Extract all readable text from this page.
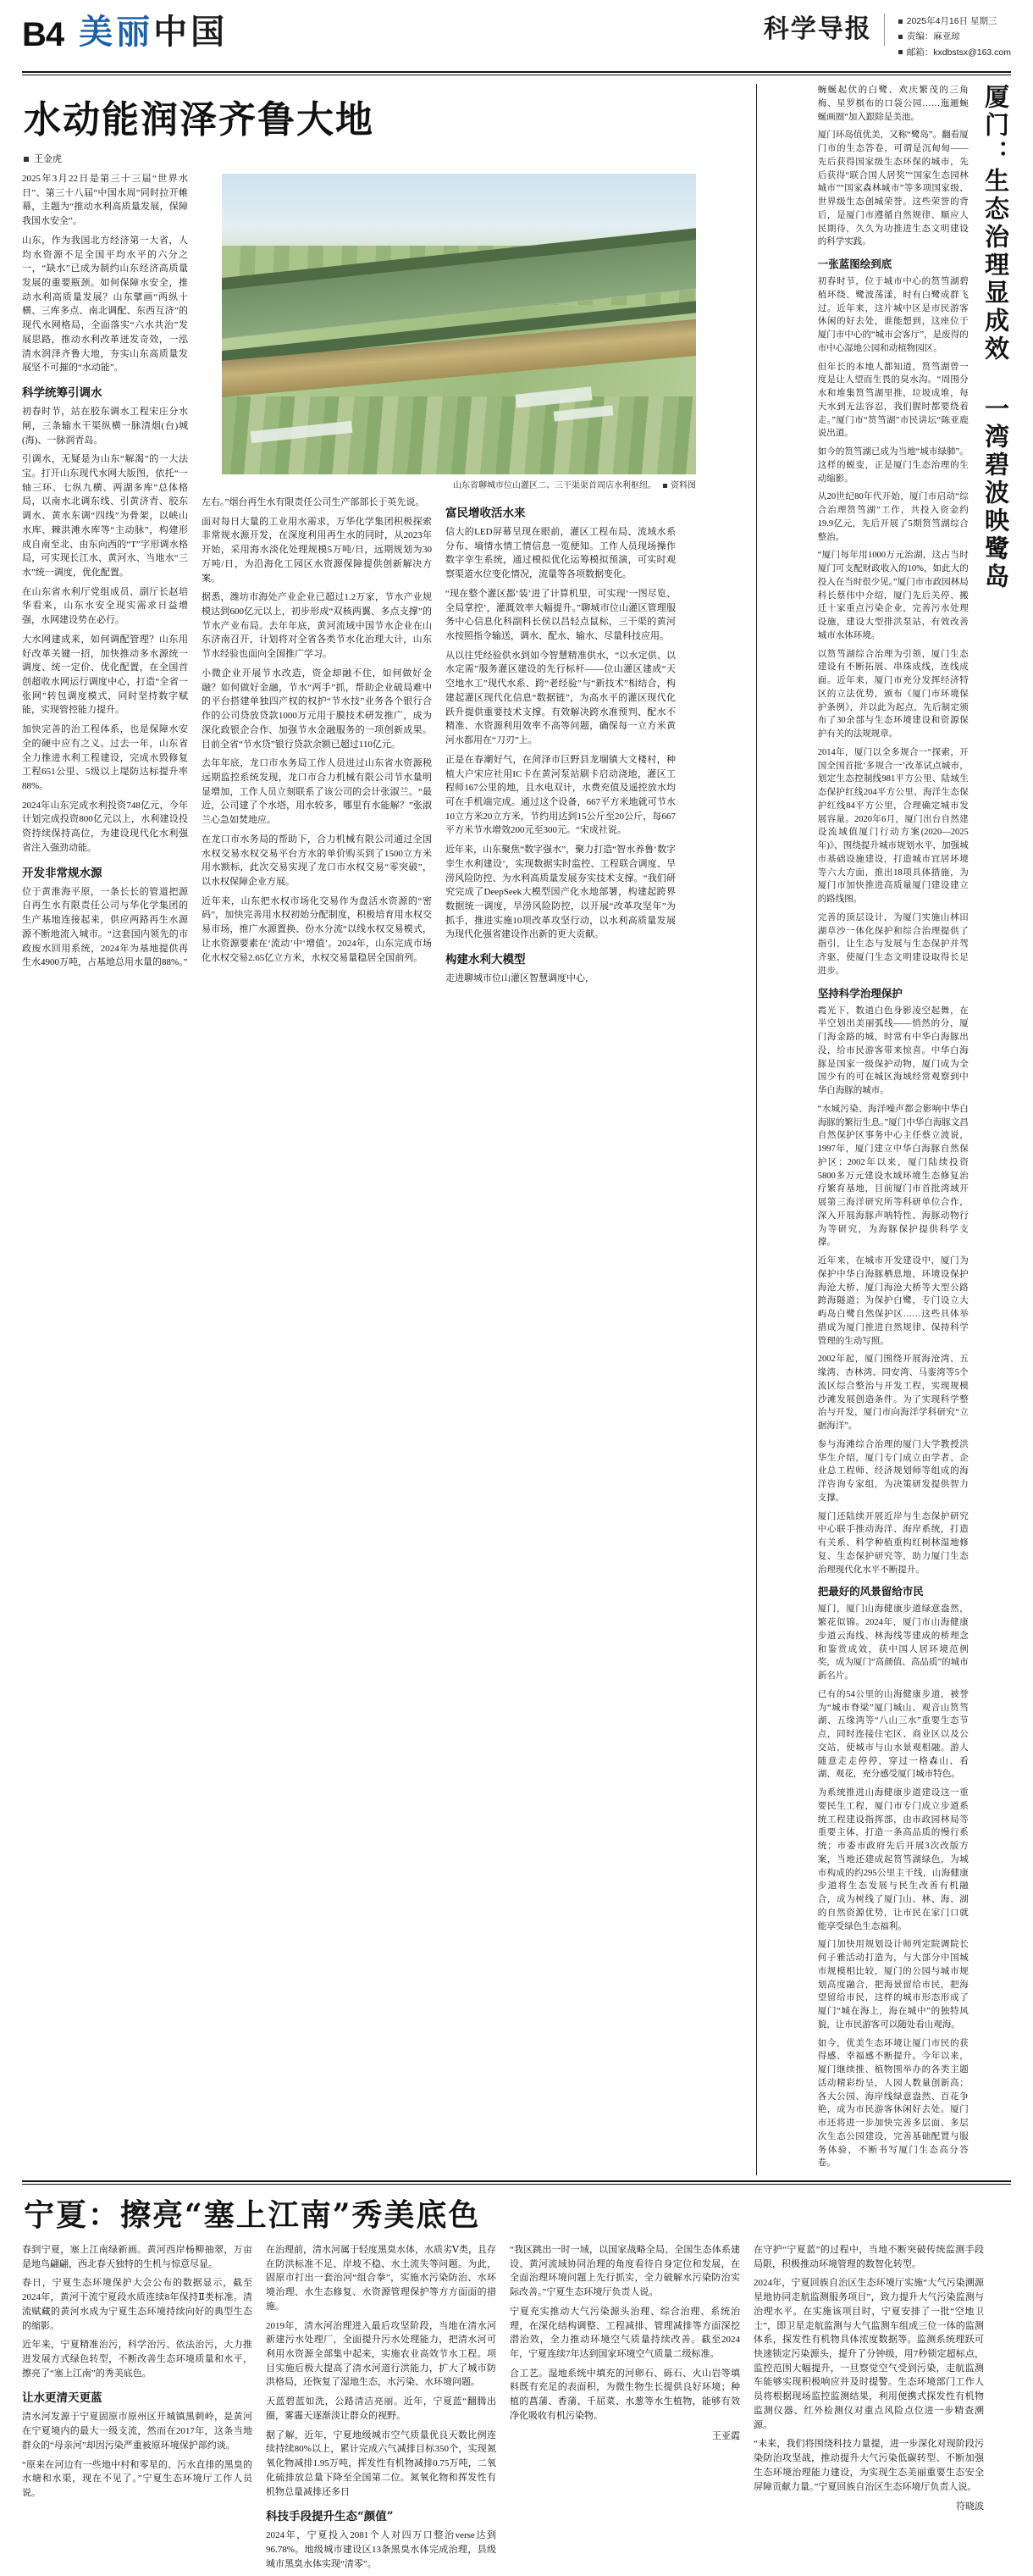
B4 美 丽 中 国	科学导报	2025年4月16日 星期三
责编：麻亚琼
邮箱：kxdbstsx@163.com
水动能润泽齐鲁大地
王金虎

2025年3月22日是第三十三届“世界水日”、第三十八届“中国水周”同时拉开帷幕，主题为“推动水利高质量发展，保障我国水安全”。

山东，作为我国北方经济第一大省，人均水资源不足全国平均水平的六分之一，“缺水”已成为制约山东经济高质量发展的重要瓶颈。如何保障水安全，推动水利高质量发展？山东擘画“两纵十横、三库多点、南北调配、东西互济”的现代水网格局，全面落实“六水共治”发展思路，推动水利改革迸发奇效，一泓清水润泽齐鲁大地，夯实山东高质量发展坚不可摧的“水动能”。

科学统筹引调水

初春时节，站在胶东调水工程宋庄分水闸，三条输水干渠纵横一脉清烟(台)城(海)、一脉润青岛。

引调水，无疑是为山东“解渴”的一大法宝。打开山东现代水网大版图，依托“一轴三环、七纵九横、两湖多库”总体格局，以南水北调东线、引黄济青、胶东调水、黄水东调“四线”为骨架，以峡山水库、棘洪滩水库等“主动脉”，构建形成自南至北、由东向西的“T”字形调水格局，可实现长江水、黄河水、当地水“三水”统一调度，优化配置。

在山东省水利厅党组成员、副厅长赵培华看来，山东水安全现实需求日益增强，水网建设势在必行。

大水网建成来，如何调配管理？山东用好改革关键一招，加快推动多水源统一调度、统一定价、优化配置，在全国首创超收水网运行调度中心，打造“全省一张网”转包调度模式，同时坚持数字赋能，实现管控能力提升。

加快完善的治工程体系，也是保障水安全的硬中应有之义。过去一年，山东省全力推进水利工程建设，完成水毁修复工程651公里、5级以上堤防达标提升率88%。

2024年山东完成水利投资748亿元，今年计划完成投资800亿元以上，水利建设投资持续保持高位，为建设现代化水利强省注入强劲动能。

开发非常规水源

位于黄淮海平原，一条长长的管道把源自再生水有限责任公司与华化学集团的生产基地连接起来，供应两路再生水源源不断地流入城市。“这套国内领先的市政废水回用系统，2024年为基地提供再生水4900万吨，占基地总用水量的88%。”

山东省聊城市位山灌区二、三干渠渠首周店水利枢纽。 资料图

左右。”烟台再生水有限责任公司生产部部长于英先说。

面对每日大量的工业用水需求，万华化学集团积极探索非常规水源开发，在深度利用再生水的同时，从2023年开始，采用海水淡化处理规模5万吨/日，远期规划为30万吨/日，为沿海化工园区水资源保障提供创新解决方案。

据悉，潍坊市海处产业企业已超过1.2万家，节水产业规模达到600亿元以上，初步形成“双核两翼、多点支撑”的节水产业布局。去年年底，黄河流域中国节水企业在山东济南召开，计划将对全省各类节水化治理大计，山东节水经验也面向全国推广学习。

小微企业开展节水改造，资金却融不住，如何做好金融？如何做好金融，节水“两手”抓，帮助企业破局难中的平台搭建单独四产权的权护“节水技”业务各个银行合作的公司贷放贷款1000万元用于膜技术研发推广，成为深化政银企合作、加强节水金融服务的一项创新成果。目前全省“节水贷”银行贷款余额已超过110亿元。

去年年底，龙口市水务局工作人员进过山东省水资源税远期监控系统发现，龙口市合力机械有限公司节水量明显增加，工作人员立刻联系了该公司的会计张淑兰。“最近，公司建了个水塔，用水较多，哪里有水能解？”张淑兰心急如焚地应。

在龙口市水务局的帮助下，合力机械有限公司通过全国水权交易水权交易平台方水的单价购买到了1500立方米用水额标，此次交易实现了龙口市水权交易“零突破”，以水权保障企业方展。

近年来，山东把水权市场化交易作为盘活水资源的“密码”，加快完善用水权初始分配制度，积极培育用水权交易市场，推广水源置换、份水分流“以线水权交易模式，让水资源要素在‘流动’中‘增值’。2024年，山东完成市场化水权交易2.65亿立方米，水权交易量稳居全国前列。

富民增收活水来

信大的LED屏幕呈现在眼前，灌区工程布局、流域水系分布、墒情水情工情信息一览便知。工作人员现场操作数字孪生系统，通过模拟优化运筹模拟预演，可实时观察渠道水位变化情况，流量等各项数据变化。

“现在整个灌区都‘装’进了计算机里，可实现‘一图尽览、全局掌控’，灌溉效率大幅提升。”聊城市位山灌区管理服务中心信息化科副科长侯以昌轻点鼠标，三干渠的黄河水按照指令输送，调水、配水、输水、尽量科技应用。

从以往凭经验供水到如今智慧精准供水，“以水定供、以水定需”服务灌区建设的先行标杆——位山灌区建成“天空地水工”现代水系、跨“老经验”与“新技术”相结合，构建起灌区现代化信息“数据链”，为高水平的灌区现代化跃升提供重要技术支撑。有效解决跨水准预判、配水不精准、水资源利用效率不高等问题，确保每一立方米黄河水都用在“刀刃”上。

正是在春潮好气，在菏泽市巨野县龙堌镇大文楼村，种植大户宋应社用IC卡在黄河泵站刷卡启动浇地，灌区工程师167公里的地，且水电双计，水费充值及遥控放水均可在手机端完成。通过这个设备，667平方米地就可节水10立方米20立方米，节约用达到15公斤至20公斤，每667平方米节水增效200元至300元。“宋成社说。

近年来，山东聚焦“数字强水”，聚力打造“智水养鲁‘数字孪生水利建设’，实现数据实时监控、工程联合调度、旱涝风险防控、为水利高质量发展夯实技术支撑。“我们研究完成了DeepSeek大模型国产化水地部署，构建起跨界数据统一调度，旱涝风险防控，以开展“改革攻坚年”为抓手，推进实施10项改革攻坚行动，以水利高质量发展为现代化强省建设作出新的更大贡献。

构建水利大模型

走进聊城市位山灌区智慧调度中心，

厦门：生态治理显成效 一湾碧波映鹭岛

蜿蜒起伏的白鹭、欢庆繁茂的三角梅、星罗棋布的口袋公园……迤逦蜿蜒画圈“加入跟除是美池。

厦门环岛值优美，又称“鹭岛”。翻看厦门市的生态答卷，可谓是沉甸甸——先后获得国家级生态环保的城市，先后获得“联合国人居奖”“国家生态园林城市”“国家森林城市”等多项国家级、世界级生态创城荣誉。这些荣誉的背后，是厦门市遵循自然规律、顺应人民期待，久久为功推进生态文明建设的科学实践。

一张蓝图绘到底

初春时节，位于城市中心的筼筜湖碧植环绕、鹭波荡漾，时有白鹭成群飞过。近年来，这片城中区是市民游客休闲的好去处，谁能想到，这座位于厦门市中心的“城市会客厅”，是废得的市中心湿地公园和动植物园区。

但年长的本地人都知道，筼筜湖曾一度是让人望而生畏的臭水沟。“周围分水和堆集筼筜湖里推，垃圾成堆，每天水到无法容忍，我们腥时都要绕着走。”厦门市“筼筜湖”市民讲坛“陈亚鹿说出道。

如今的筼筜湖已成为当地“城市绿肺”。这样的蜕变，正是厦门生态治理的生动缩影。

从20世纪80年代开始，厦门市启动“综合治理筼筜湖”工作，共投入资金约19.9亿元，先后开展了5期筼筜湖综合整治。

“厦门每年用1000万元治湖，这占当时厦门可支配财政收入的10%，如此大的投入在当时很少见。”厦门市市政园林局科长蔡伟中介绍，厦门先后关停、搬迁十家重点污染企业，完善污水处理设施，建设大型排洪泵站，有效改善城市水体环境。

以筼筜湖综合治理为引领，厦门生态建设有不断拓展、串珠成线，连线成面。近年来，厦门市充分发挥经济特区的立法优势，颁布《厦门市环境保护条例》，并以此为起点，先后制定颁布了30余部与生态环境建设和资源保护有关的法规规章。

2014年，厦门以全多规合一“探索，开国全国首批‘多规合一’改革试点城市，划定生态控制线981平方公里、陆域生态保护红线204平方公里、海洋生态保护红线84平方公里，合理确定城市发展容量。2020年6月，厦门出台自然建设流域值厦门行动方案(2020—2025年)》，围绕提升城市规划水平，加强城市基础设施建设，打造城市宜居环境等六大方面，推出18项具体措施，为厦门市加快推进高质量厦门建设建立的路线图。

完善的顶层设计，为厦门实施山林田湖草沙一体化保护和综合治理提供了指引，让生态与发展与生态保护并驾齐驱，使厦门生态文明建设取得长足进步。

坚持科学治理保护

霞光下，数道白色身影凌空起舞，在半空划出美丽弧线——悄然的分，厦门海金路的城，时常有中华白海豚出没，给市民游客带来惊喜。中华白海豚是国家一级保护动物，厦门成为全国少有的可在城区海域经常观察到中华白海豚的城市。

“水城污染、海洋噪声都会影响中华白海豚的繁衍生息。”厦门中华白海豚文昌自然保护区事务中心主任蔡立波说，1997年，厦门建立中华白海豚自然保护区；2002年以来，厦门陆续投资5800多万元建设水域环境生态修复治疗繁育基地，目前厦门市首批湾域开展第三海洋研究所等科研单位合作，深入开展海豚声呐特性、海豚动物行为等研究，为海豚保护提供科学支撑。

近年来，在城市开发建设中，厦门为保护中华白海豚栖息地，环境设保护海沧大桥、厦门海沧大桥等大型公路跨海隧道；为保护白鹭，专门设立大屿岛白鹭自然保护区……这些具体举措成为厦门推进自然规律、保持科学管理的生动写照。

2002年起，厦门围绕开展海沧湾、五缘湾、杏林湾、同安湾、马銮湾等5个流区综合整治与开发工程，实现规模沙滩发展创造条件。为了实现科学整治与开发，厦门市向海洋学科研究“立据海洋”。

参与海滩综合治理的厦门大学教授洪华生介绍，厦门专门成立由学者、企业总工程师、经济规划师等组成的海洋咨询专家组，为决策研发提供智力支撑。

厦门还陆续开展近岸与生态保护研究中心联手推动海洋、海岸系统，打造有关系、科学种植重构红树林湿地修复、生态保护研究等，助力厦门生态治理现代化水平不断提升。

把最好的风景留给市民

厦门，厦门山海健康步道绿意盎然，繁花似锦。2024年，厦门市山海健康步道云海线、林海线等建成的桥理念和鉴赏成效，获中国人居环境范例奖，成为厦门“高颜值、高品质”的城市新名片。

已有的54公里的山海健康步道，被誉为“城市脊梁”厦门城山、观音山筼筜湖、五缘湾等“八山三水”重要生态节点，同时连接住宅区、商业区以及公交站，使城市与山水景观相融。游人随意走走停停，穿过一格森山、看湖、观花，充分感受厦门城市特色。

为系统推进山海健康步道建设这一重要民生工程，厦门市专门成立步道系统工程建设指挥部，由市政园林局等重要主体，打造一条高品质的慢行系统；市委市政府先后开展3次改版方案，当地还建成起筼筜湖绿色，为城市构成的约295公里主干线，山海健康步道将生态发展与民生改善有机融合，成为树线了厦门山、林、海、湖的自然资源优势，让市民在家门口就能享受绿色生态福利。

厦门加快用规划设计师列定院调院长何子雅活动打造为，与大部分中国城市规模相比较，厦门的公园与城市规划高度融合，把海景留给市民，把海望留给市民，这样的城市形态形成了厦门“城在海上，海在城中”的独特风貌，让市民游客可以随处看山观海。

如今，优美生态环境让厦门市民的获得感、幸福感不断提升。今年以来，厦门继续推、植物围举办的各类主题活动精彩纷呈，人园人数量创新高；各大公园、海岸线绿意盎然、百花争艳，成为市民游客休闲好去处。厦门市还将进一步加快完善多层面、多层次生态公园建设，完善基础配置与服务体验，不断书写厦门生态高分答卷。

宁夏：擦亮“塞上江南”秀美底色

春到宁夏，塞上江南绿新画。黄河西岸杨柳抽翠，万亩是地鸟翩翩，西北春天独特的生机与惊意尽显。

春日，宁夏生态环境保护大会公布的数据显示，截至2024年，黄河干流宁夏段水质连续8年保持Ⅱ类标准。清流赋藏的黄河水成为宁夏生态环境持续向好的典型生态的缩影。

近年来，宁夏精准治污，科学治污、依法治污，大力推进发展方式绿色转型，不断改善生态环境质量和水平，擦亮了“塞上江南”的秀美底色。

让水更清天更蓝

清水河发源于宁夏固原市原州区开城镇黑刺岭，是黄河在宁夏境内的最大一级支流，然而在2017年，这条当地群众的“母亲河”却因污染严重被原环境保护部约谈。

“原来在河边有一些地中村和零星的、污水直排的黑臭的水塘和水渠，现在不见了。”宁夏生态环境厅工作人员说。

在治理前，清水河属于轻度黑臭水体，水质劣Ⅴ类，且存在防洪标准不足、岸坡不稳、水土流失等问题。为此，固原市打出一套治河“组合拳”，实施水污染防治、水环境治理、水生态修复、水资源管理保护等方方面面的措施。

2019年，清水河治理进入最后攻坚阶段，当地在清水河新建污水处理厂，全面提升污水处理能力，把清水河可利用水资源全部集中起来，实施农业高效节水工程。项目实施后极大提高了清水河道行洪能力，扩大了城市防洪格局，还恢复了湿地生态，水污染、水环境问题。

天蓝碧蓝如洗，公路清洁亮丽。近年，宁夏蓝“翻腾出圈，雾霾天逐渐淡让群众的视野。

据了解，近年，宁夏地级城市空气质量优良天数比例连续持续80%以上，累计完成六气减排目标350个，实现氮氧化物减排1.95万吨，挥发性有机物减排0.75万吨，二氧化硫排放总量下降至全国第二位。氮氧化物和挥发性有机物总量减排还多日

科技手段提升生态“颜值”

2024年，宁夏投入2081个人对四万口整治verse达到96.78%。地级城市建设区13条黑臭水体完成治理，县级城市黑臭水体实现“清零”。

“我区跳出一时一域，以国家战略全局、全国生态体系建设、黄河流域协同治理的角度看待自身定位和发展，在全面治理环境问题上先行抓实，全力破解水污染防治实际改善。”宁夏生态环境厅负责人说。

宁夏充实推动大气污染源头治理、综合治理、系统治理，在深化结构调整、工程减排、管理减排等方面深挖潜治效，全力推动环境空气质量持续改善。截至2024年，宁夏连续7年达到国家环境空气质量二级标准。

合工艺。湿地系统中填充的河卵石、砾石、火山岩等填料既有充足的表面积，为微生物生长提供良好环境；种植的菖蒲、香蒲、千屈菜、水葱等水生植物，能够有效净化吸收有机污染物。

王亚霞

在守护“宁夏蓝”的过程中，当地不断突破传统监测手段局限，积极推动环境管理的数智化转型。

2024年，宁夏回族自治区生态环境厅实施“大气污染溯源星地协同走航监测服务项目”，致力提升大气污染监测与治理水平。在实施该项目时，宁夏安排了一批“空地卫士”，即卫星走航监测与大气监测车组成三位一体的监测体系，探发性有机物具体浓度数据等。监测系统理跃可快速锁定污染源头，提升了分钟级，用7秒锁定超标点，监控范围大幅提升，一旦察觉空气受到污染，走航监测车能够实现积极响应并及时提警。生态环境部门工作人员将根据现场监控监测结果，利用便携式探发性有机物监测仪器、红外检测仪对重点风险点位进一步精查溯源。

“未来，我们将围绕科技力量提，进一步深化对现阶段污染防治攻坚战，推动提升大气污染低碳转型、不断加强生态环境治理能力建设，为实现生态美丽重要生态安全屏障贡献力量。”宁夏回族自治区生态环境厅负责人说。

符晓波
